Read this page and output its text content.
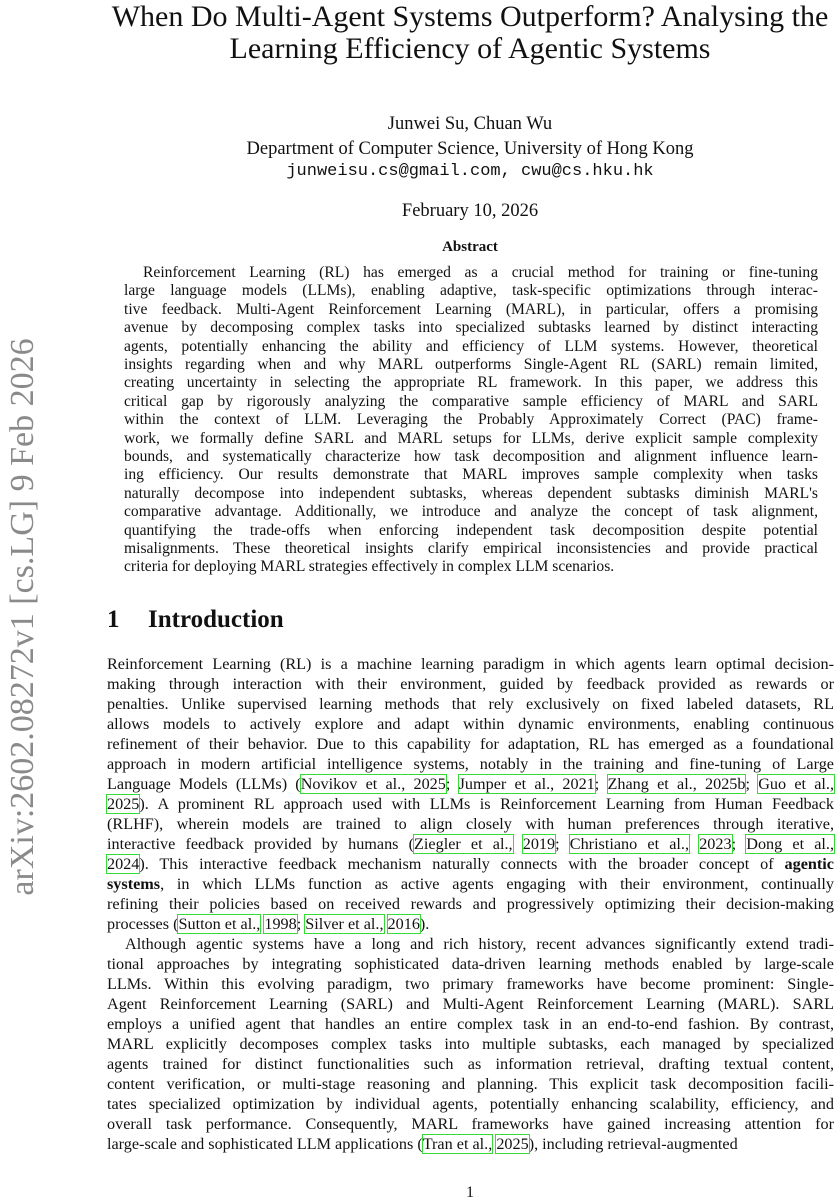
arXiv:2602.08272v1 [cs.LG] 9 Feb 2026
When Do Multi-Agent Systems Outperform? Analysing the
Learning Efficiency of Agentic Systems
Junwei Su, Chuan Wu
Department of Computer Science, University of Hong Kong
junweisu.cs@gmail.com, cwu@cs.hku.hk
February 10, 2026
Abstract
Reinforcement Learning (RL) has emerged as a crucial method for training or fine-tuning
large language models (LLMs), enabling adaptive, task-specific optimizations through interac-
tive feedback. Multi-Agent Reinforcement Learning (MARL), in particular, offers a promising
avenue by decomposing complex tasks into specialized subtasks learned by distinct interacting
agents, potentially enhancing the ability and efficiency of LLM systems. However, theoretical
insights regarding when and why MARL outperforms Single-Agent RL (SARL) remain limited,
creating uncertainty in selecting the appropriate RL framework. In this paper, we address this
critical gap by rigorously analyzing the comparative sample efficiency of MARL and SARL
within the context of LLM. Leveraging the Probably Approximately Correct (PAC) frame-
work, we formally define SARL and MARL setups for LLMs, derive explicit sample complexity
bounds, and systematically characterize how task decomposition and alignment influence learn-
ing efficiency. Our results demonstrate that MARL improves sample complexity when tasks
naturally decompose into independent subtasks, whereas dependent subtasks diminish MARL's
comparative advantage. Additionally, we introduce and analyze the concept of task alignment,
quantifying the trade-offs when enforcing independent task decomposition despite potential
misalignments. These theoretical insights clarify empirical inconsistencies and provide practical
criteria for deploying MARL strategies effectively in complex LLM scenarios.
1 Introduction
Reinforcement Learning (RL) is a machine learning paradigm in which agents learn optimal decision-
making through interaction with their environment, guided by feedback provided as rewards or
penalties. Unlike supervised learning methods that rely exclusively on fixed labeled datasets, RL
allows models to actively explore and adapt within dynamic environments, enabling continuous
refinement of their behavior. Due to this capability for adaptation, RL has emerged as a foundational
approach in modern artificial intelligence systems, notably in the training and fine-tuning of Large
Language Models (LLMs) (Novikov et al., 2025; Jumper et al., 2021; Zhang et al., 2025b; Guo et al.,
2025). A prominent RL approach used with LLMs is Reinforcement Learning from Human Feedback
(RLHF), wherein models are trained to align closely with human preferences through iterative,
interactive feedback provided by humans (Ziegler et al., 2019; Christiano et al., 2023; Dong et al.,
2024). This interactive feedback mechanism naturally connects with the broader concept of agentic
systems, in which LLMs function as active agents engaging with their environment, continually
refining their policies based on received rewards and progressively optimizing their decision-making
processes (Sutton et al., 1998; Silver et al., 2016).
Although agentic systems have a long and rich history, recent advances significantly extend tradi-
tional approaches by integrating sophisticated data-driven learning methods enabled by large-scale
LLMs. Within this evolving paradigm, two primary frameworks have become prominent: Single-
Agent Reinforcement Learning (SARL) and Multi-Agent Reinforcement Learning (MARL). SARL
employs a unified agent that handles an entire complex task in an end-to-end fashion. By contrast,
MARL explicitly decomposes complex tasks into multiple subtasks, each managed by specialized
agents trained for distinct functionalities such as information retrieval, drafting textual content,
content verification, or multi-stage reasoning and planning. This explicit task decomposition facili-
tates specialized optimization by individual agents, potentially enhancing scalability, efficiency, and
overall task performance. Consequently, MARL frameworks have gained increasing attention for
large-scale and sophisticated LLM applications (Tran et al., 2025), including retrieval-augmented
1
